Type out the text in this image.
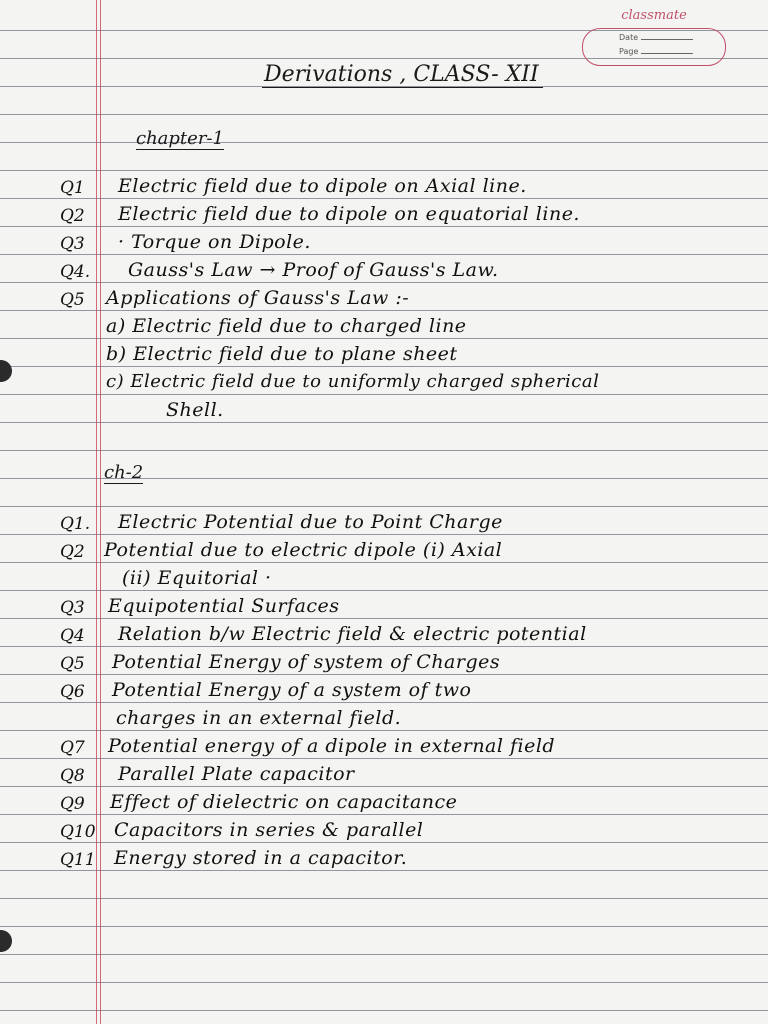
classmate
Date
Page
Derivations , CLASS- XII
chapter-1
Q1 Electric field due to dipole on Axial line.
Q2 Electric field due to dipole on equatorial line.
Q3 · Torque on Dipole.
Q4. Gauss's Law → Proof of Gauss's Law.
Q5 Applications of Gauss's Law :-
a) Electric field due to charged line
b) Electric field due to plane sheet
c) Electric field due to uniformly charged spherical
Shell.
ch-2
Q1. Electric Potential due to Point Charge
Q2 Potential due to electric dipole (i) Axial
(ii) Equitorial ·
Q3 Equipotential Surfaces
Q4 Relation b/w Electric field & electric potential
Q5 Potential Energy of system of Charges
Q6 Potential Energy of a system of two
charges in an external field.
Q7 Potential energy of a dipole in external field
Q8 Parallel Plate capacitor
Q9 Effect of dielectric on capacitance
Q10 Capacitors in series & parallel
Q11 Energy stored in a capacitor.
